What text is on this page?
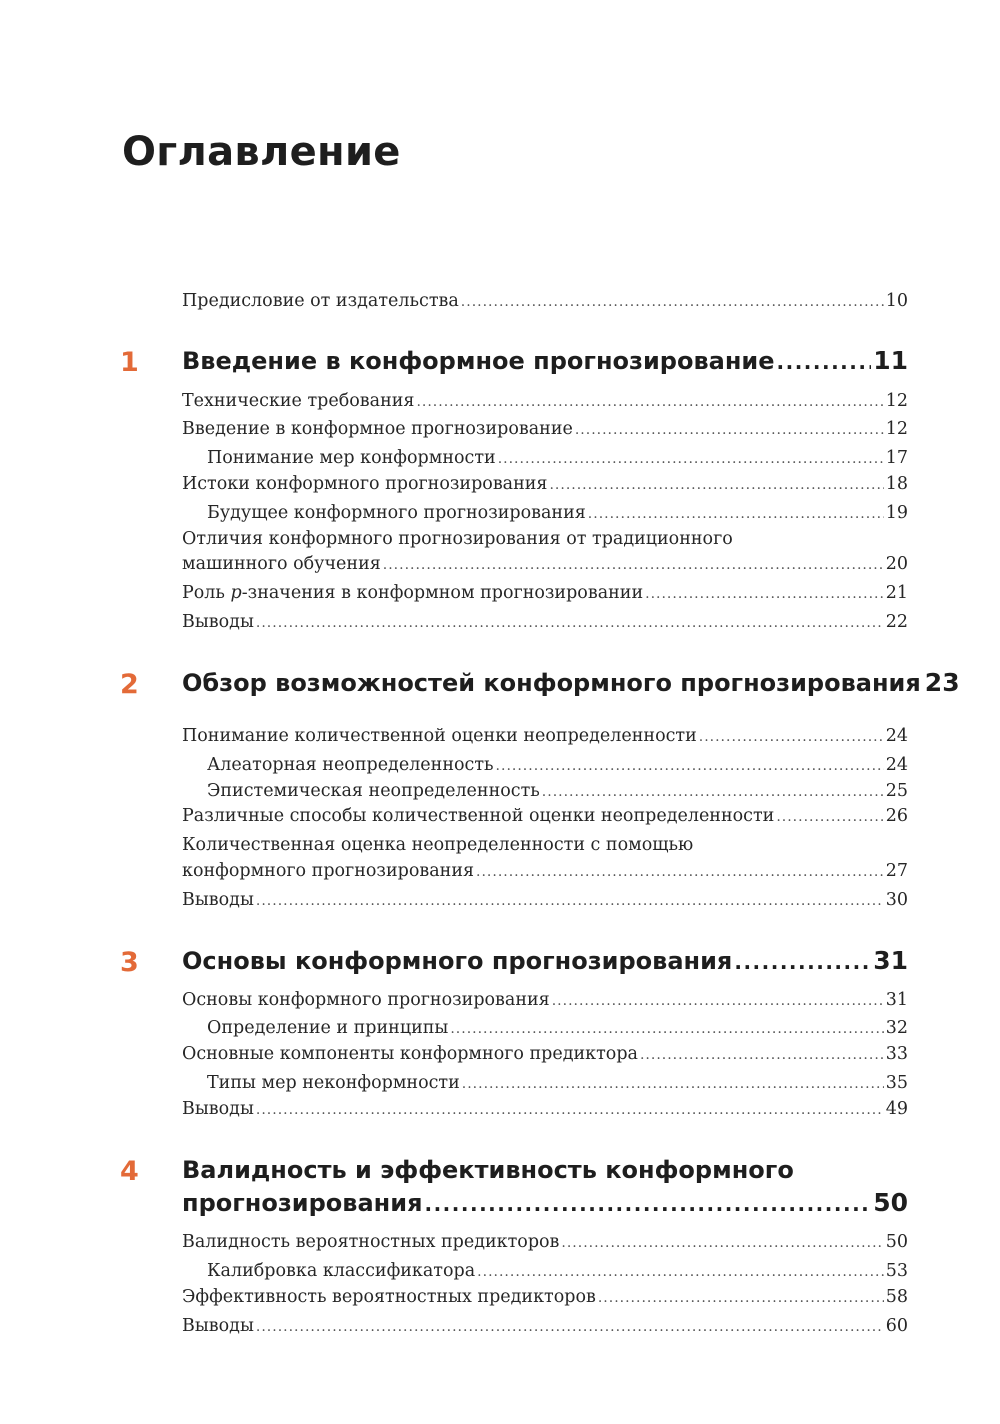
Оглавление
Предисловие от издательства .....	10
1 Введение в конформное прогнозирование .....	11
Технические требования .....	12
Введение в конформное прогнозирование .....	12
Понимание мер конформности .....	17
Истоки конформного прогнозирования .....	18
Будущее конформного прогнозирования .....	19
Отличия конформного прогнозирования от традиционного
машинного обучения .....	20
Роль p-значения в конформном прогнозировании .....	21
Выводы .....	22
2 Обзор возможностей конформного прогнозирования 23
Понимание количественной оценки неопределенности .....	24
Алеаторная неопределенность .....	24
Эпистемическая неопределенность .....	25
Различные способы количественной оценки неопределенности .....	26
Количественная оценка неопределенности с помощью
конформного прогнозирования .....	27
Выводы .....	30
3 Основы конформного прогнозирования .....	31
Основы конформного прогнозирования .....	31
Определение и принципы .....	32
Основные компоненты конформного предиктора .....	33
Типы мер неконформности .....	35
Выводы .....	49
4 Валидность и эффективность конформного
прогнозирования .....	50
Валидность вероятностных предикторов .....	50
Калибровка классификатора .....	53
Эффективность вероятностных предикторов .....	58
Выводы .....	60
